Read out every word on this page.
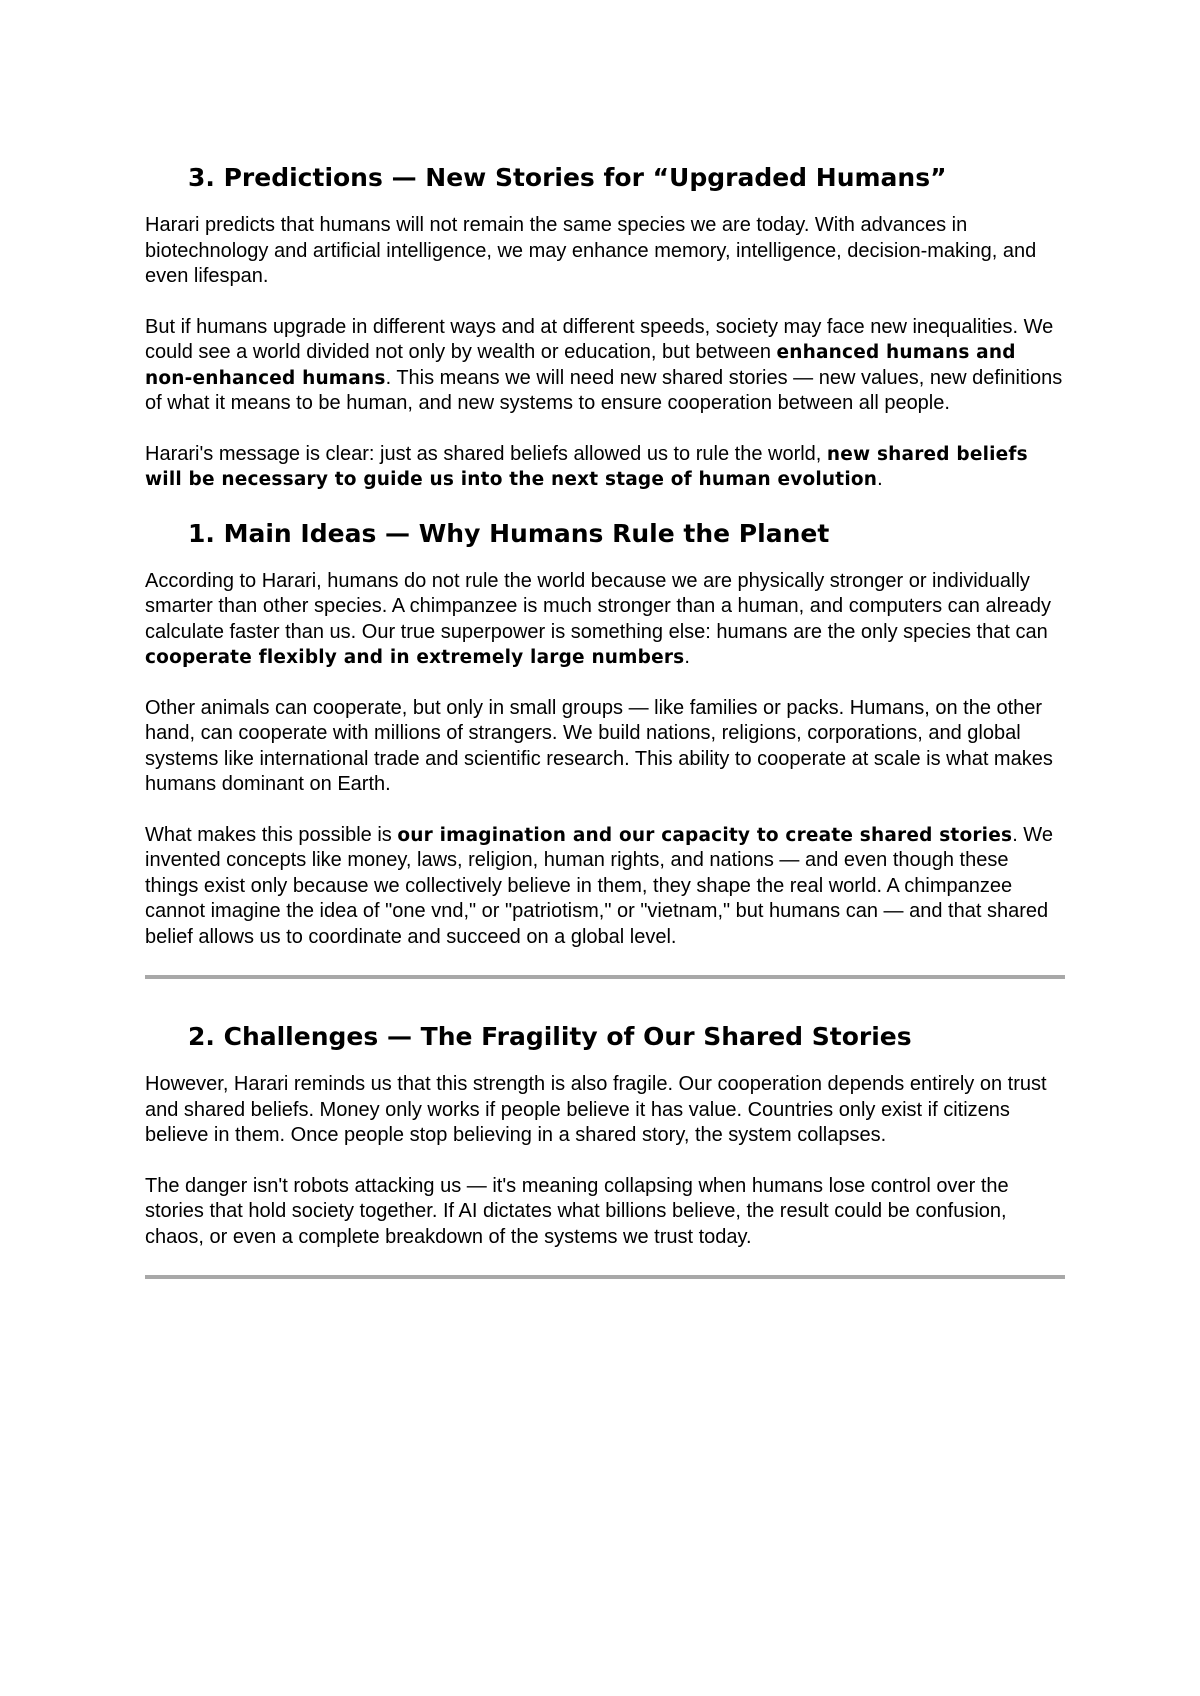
3. Predictions — New Stories for “Upgraded Humans”

Harari predicts that humans will not remain the same species we are today. With advances in biotechnology and artificial intelligence, we may enhance memory, intelligence, decision-making, and even lifespan.

But if humans upgrade in different ways and at different speeds, society may face new inequalities. We could see a world divided not only by wealth or education, but between enhanced humans and non-enhanced humans. This means we will need new shared stories — new values, new definitions of what it means to be human, and new systems to ensure cooperation between all people.

Harari's message is clear: just as shared beliefs allowed us to rule the world, new shared beliefs will be necessary to guide us into the next stage of human evolution.

1. Main Ideas — Why Humans Rule the Planet

According to Harari, humans do not rule the world because we are physically stronger or individually smarter than other species. A chimpanzee is much stronger than a human, and computers can already calculate faster than us. Our true superpower is something else: humans are the only species that can cooperate flexibly and in extremely large numbers.

Other animals can cooperate, but only in small groups — like families or packs. Humans, on the other hand, can cooperate with millions of strangers. We build nations, religions, corporations, and global systems like international trade and scientific research. This ability to cooperate at scale is what makes humans dominant on Earth.

What makes this possible is our imagination and our capacity to create shared stories. We invented concepts like money, laws, religion, human rights, and nations — and even though these things exist only because we collectively believe in them, they shape the real world. A chimpanzee cannot imagine the idea of "one vnd," or "patriotism," or "vietnam," but humans can — and that shared belief allows us to coordinate and succeed on a global level.

2. Challenges — The Fragility of Our Shared Stories

However, Harari reminds us that this strength is also fragile. Our cooperation depends entirely on trust and shared beliefs. Money only works if people believe it has value. Countries only exist if citizens believe in them. Once people stop believing in a shared story, the system collapses.

The danger isn't robots attacking us — it's meaning collapsing when humans lose control over the stories that hold society together. If AI dictates what billions believe, the result could be confusion, chaos, or even a complete breakdown of the systems we trust today.
